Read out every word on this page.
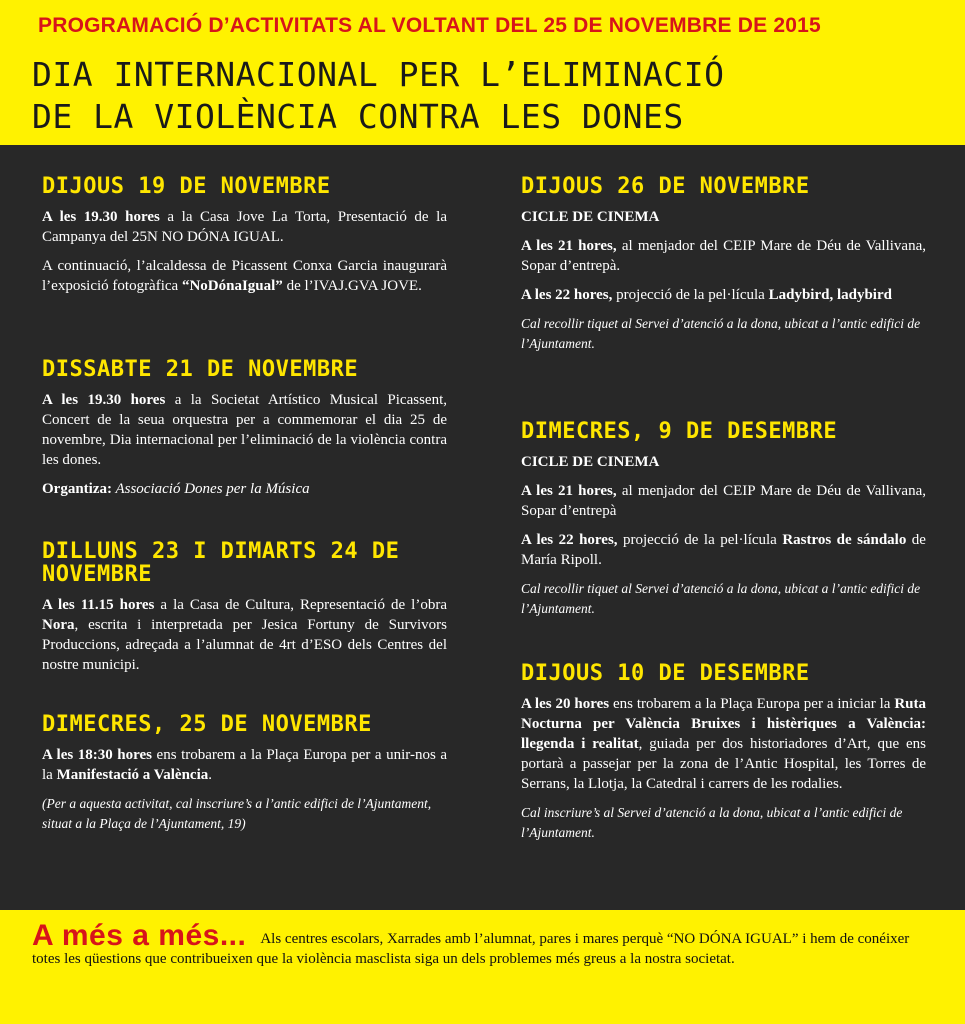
PROGRAMACIÓ D’ACTIVITATS AL VOLTANT DEL 25 DE NOVEMBRE DE 2015
DIA INTERNACIONAL PER L’ELIMINACIÓ
DE LA VIOLÈNCIA CONTRA LES DONES
DIJOUS 19 DE NOVEMBRE

A les 19.30 hores a la Casa Jove La Torta, Presentació de la Campanya del 25N NO DÓNA IGUAL.

A continuació, l’alcaldessa de Picassent Conxa Garcia inaugurarà l’exposició fotogràfica “NoDónaIgual” de l’IVAJ.GVA JOVE.

DISSABTE 21 DE NOVEMBRE

A les 19.30 hores a la Societat Artístico Musical Picassent, Concert de la seua orquestra per a commemorar el dia 25 de novembre, Dia internacional per l’eliminació de la violència contra les dones.

Organtiza: Associació Dones per la Música

DILLUNS 23 I DIMARTS 24 DE
NOVEMBRE

A les 11.15 hores a la Casa de Cultura, Representació de l’obra Nora, escrita i interpretada per Jesica Fortuny de Survivors Produccions, adreçada a l’alumnat de 4rt d’ESO dels Centres del nostre municipi.

DIMECRES, 25 DE NOVEMBRE

A les 18:30 hores ens trobarem a la Plaça Europa per a unir-nos a la Manifestació a València.

(Per a aquesta activitat, cal inscriure’s a l’antic edifici de l’Ajuntament, situat a la Plaça de l’Ajuntament, 19)

DIJOUS 26 DE NOVEMBRE

CICLE DE CINEMA

A les 21 hores, al menjador del CEIP Mare de Déu de Vallivana, Sopar d’entrepà.

A les 22 hores, projecció de la pel·lícula Ladybird, ladybird

Cal recollir tiquet al Servei d’atenció a la dona, ubicat a l’antic edifici de l’Ajuntament.

DIMECRES, 9 DE DESEMBRE

CICLE DE CINEMA

A les 21 hores, al menjador del CEIP Mare de Déu de Vallivana, Sopar d’entrepà

A les 22 hores, projecció de la pel·lícula Rastros de sándalo de María Ripoll.

Cal recollir tiquet al Servei d’atenció a la dona, ubicat a l’antic edifici de l’Ajuntament.

DIJOUS 10 DE DESEMBRE

A les 20 hores ens trobarem a la Plaça Europa per a iniciar la Ruta Nocturna per València Bruixes i histèriques a València: llegenda i realitat, guiada per dos historiadores d’Art, que ens portarà a passejar per la zona de l’Antic Hospital, les Torres de Serrans, la Llotja, la Catedral i carrers de les rodalies.

Cal inscriure’s al Servei d’atenció a la dona, ubicat a l’antic edifici de l’Ajuntament.

A més a més... Als centres escolars, Xarrades amb l’alumnat, pares i mares perquè “NO DÓNA IGUAL” i hem de conéixer totes les qüestions que contribueixen que la violència masclista siga un dels problemes més greus a la nostra societat.
